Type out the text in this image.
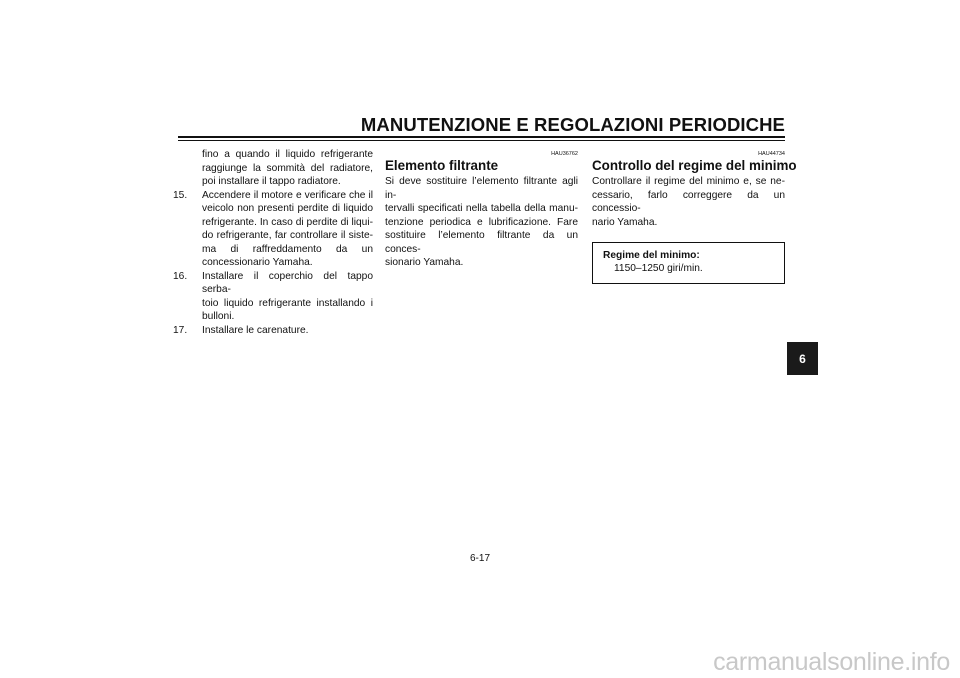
MANUTENZIONE E REGOLAZIONI PERIODICHE

fino a quando il liquido refrigerante

raggiunge la sommità del radiatore,

poi installare il tappo radiatore.

15. Accendere il motore e verificare che il

veicolo non presenti perdite di liquido

refrigerante. In caso di perdite di liqui-

do refrigerante, far controllare il siste-

ma di raffreddamento da un

concessionario Yamaha.

16. Installare il coperchio del tappo serba-

toio liquido refrigerante installando i

bulloni.

17. Installare le carenature.

HAU36762
Elemento filtrante

Si deve sostituire l’elemento filtrante agli in-

tervalli specificati nella tabella della manu-

tenzione periodica e lubrificazione. Fare

sostituire l’elemento filtrante da un conces-

sionario Yamaha.

HAU44734
Controllo del regime del minimo

Controllare il regime del minimo e, se ne-

cessario, farlo correggere da un concessio-

nario Yamaha.

Regime del minimo:
1150–1250 giri/min.
6
6-17
carmanualsonline.info
